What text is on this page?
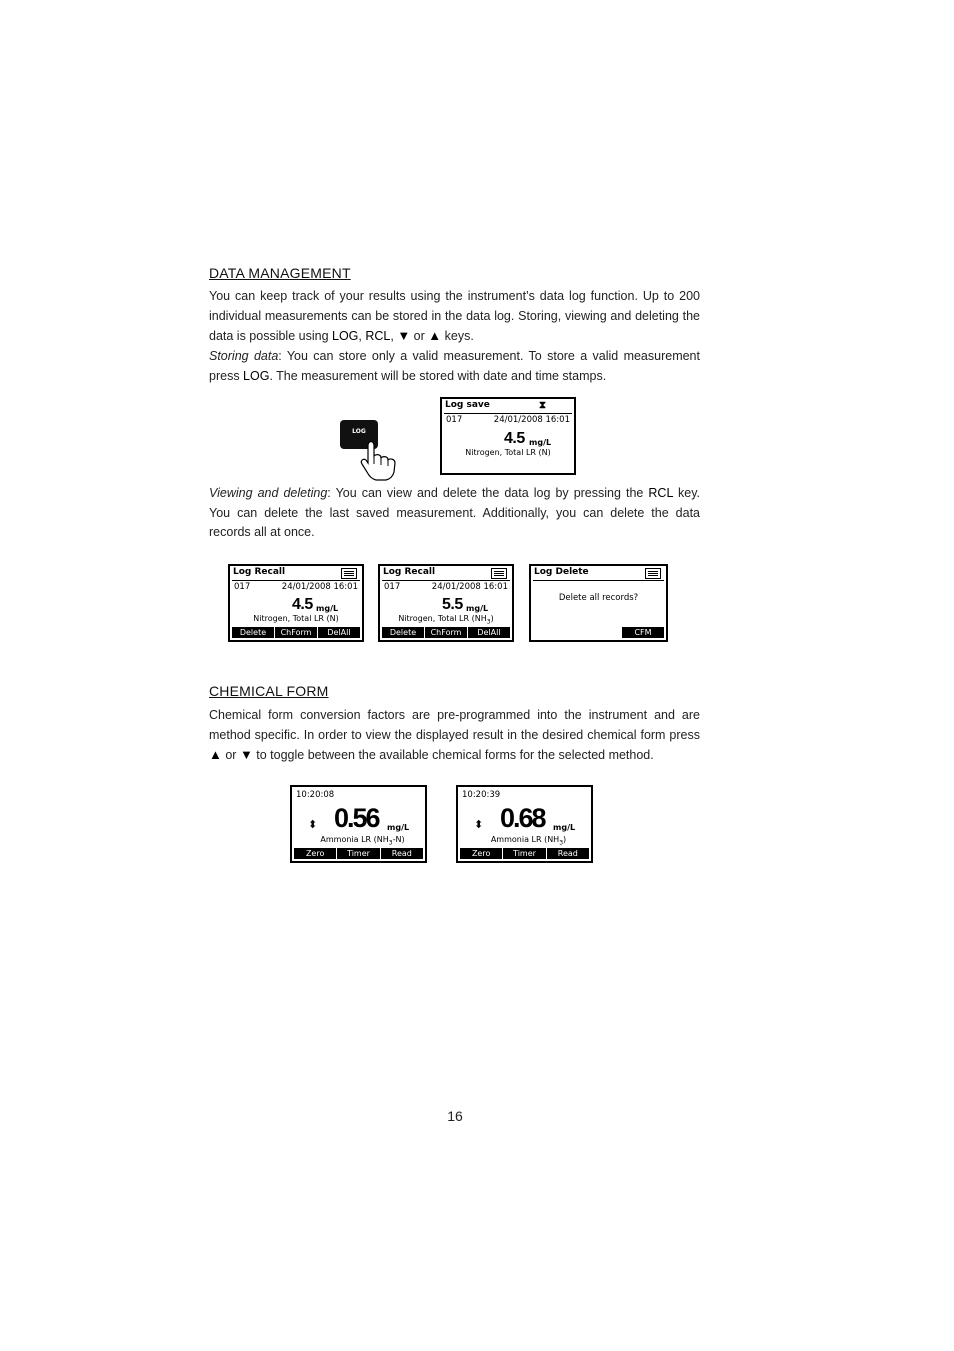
DATA MANAGEMENT
You can keep track of your results using the instrument’s data log function. Up to 200 individual measurements can be stored in the data log. Storing, viewing and deleting the data is possible using LOG, RCL, ▼ or ▲ keys.
Storing data: You can store only a valid measurement. To store a valid measurement press LOG. The measurement will be stored with date and time stamps.
LOG
Log save	⧗
017	24/01/2008 16:01
4.5 mg/L
Nitrogen, Total LR (N)
Viewing and deleting: You can view and delete the data log by pressing the RCL key. You can delete the last saved measurement. Additionally, you can delete the data records all at once.
Log Recall
017	24/01/2008 16:01
4.5 mg/L
Nitrogen, Total LR (N)
Delete	ChForm	DelAll
Log Recall
017	24/01/2008 16:01
5.5 mg/L
Nitrogen, Total LR $(NH_3)$
Delete	ChForm	DelAll
Log Delete
Delete all records?
CFM
CHEMICAL FORM
Chemical form conversion factors are pre-programmed into the instrument and are method specific. In order to view the displayed result in the desired chemical form press ▲ or ▼ to toggle between the available chemical forms for the selected method.
10:20:08
⬍ 0.56 mg/L
Ammonia LR $(NH_3-N)$
Zero	Timer	Read
10:20:39
⬍ 0.68 mg/L
Ammonia LR $(NH_3)$
Zero	Timer	Read
16
